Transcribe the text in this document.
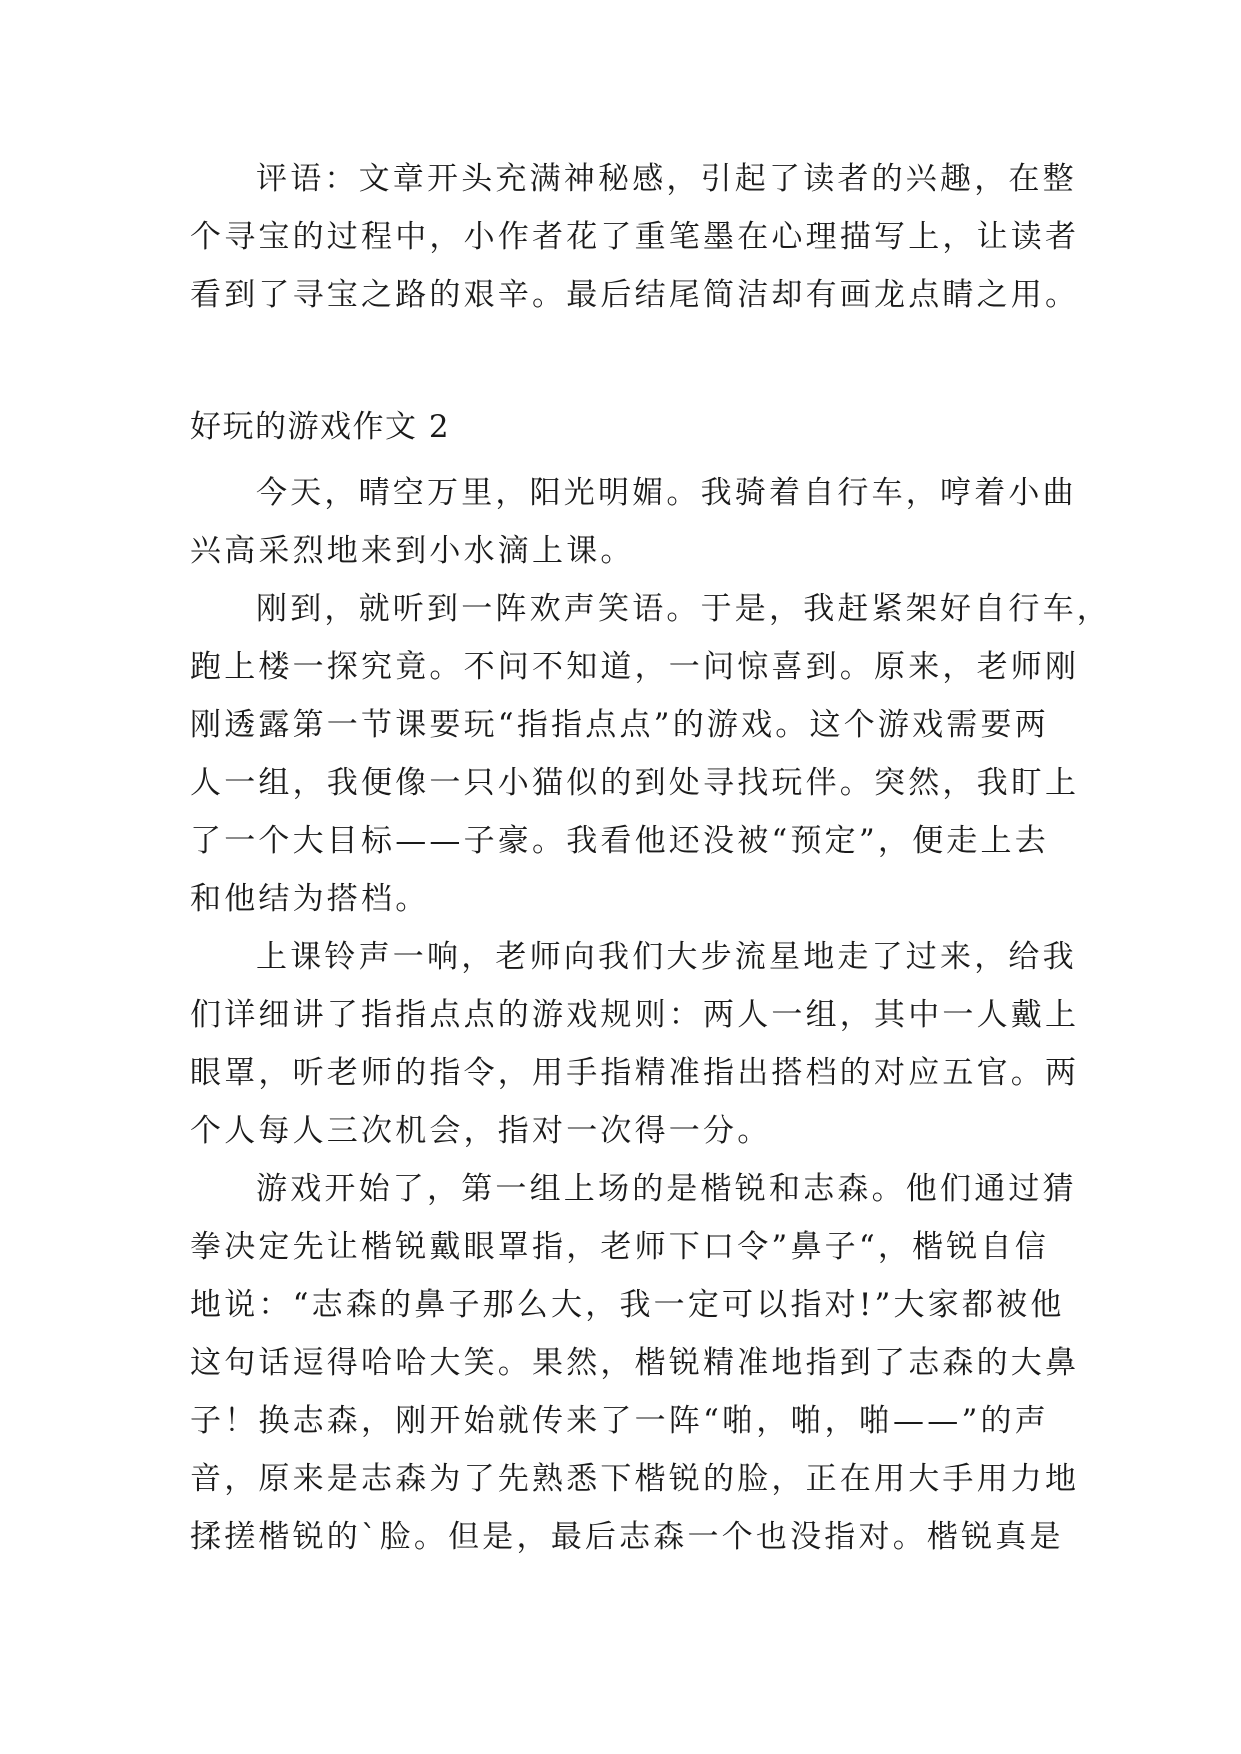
评语：文章开头充满神秘感，引起了读者的兴趣，在整

个寻宝的过程中，小作者花了重笔墨在心理描写上，让读者

看到了寻宝之路的艰辛。最后结尾简洁却有画龙点睛之用。

好玩的游戏作文 2

今天，晴空万里，阳光明媚。我骑着自行车，哼着小曲

兴高采烈地来到小水滴上课。

刚到，就听到一阵欢声笑语。于是，我赶紧架好自行车，

跑上楼一探究竟。不问不知道，一问惊喜到。原来，老师刚

刚透露第一节课要玩“指指点点”的游戏。这个游戏需要两

人一组，我便像一只小猫似的到处寻找玩伴。突然，我盯上

了一个大目标——子豪。我看他还没被“预定”，便走上去

和他结为搭档。

上课铃声一响，老师向我们大步流星地走了过来，给我

们详细讲了指指点点的游戏规则：两人一组，其中一人戴上

眼罩，听老师的指令，用手指精准指出搭档的对应五官。两

个人每人三次机会，指对一次得一分。

游戏开始了，第一组上场的是楷锐和志森。他们通过猜

拳决定先让楷锐戴眼罩指，老师下口令”鼻子“，楷锐自信

地说：“志森的鼻子那么大，我一定可以指对!”大家都被他

这句话逗得哈哈大笑。果然，楷锐精准地指到了志森的大鼻

子！换志森，刚开始就传来了一阵“啪，啪，啪——”的声

音，原来是志森为了先熟悉下楷锐的脸，正在用大手用力地

揉搓楷锐的`脸。但是，最后志森一个也没指对。楷锐真是
